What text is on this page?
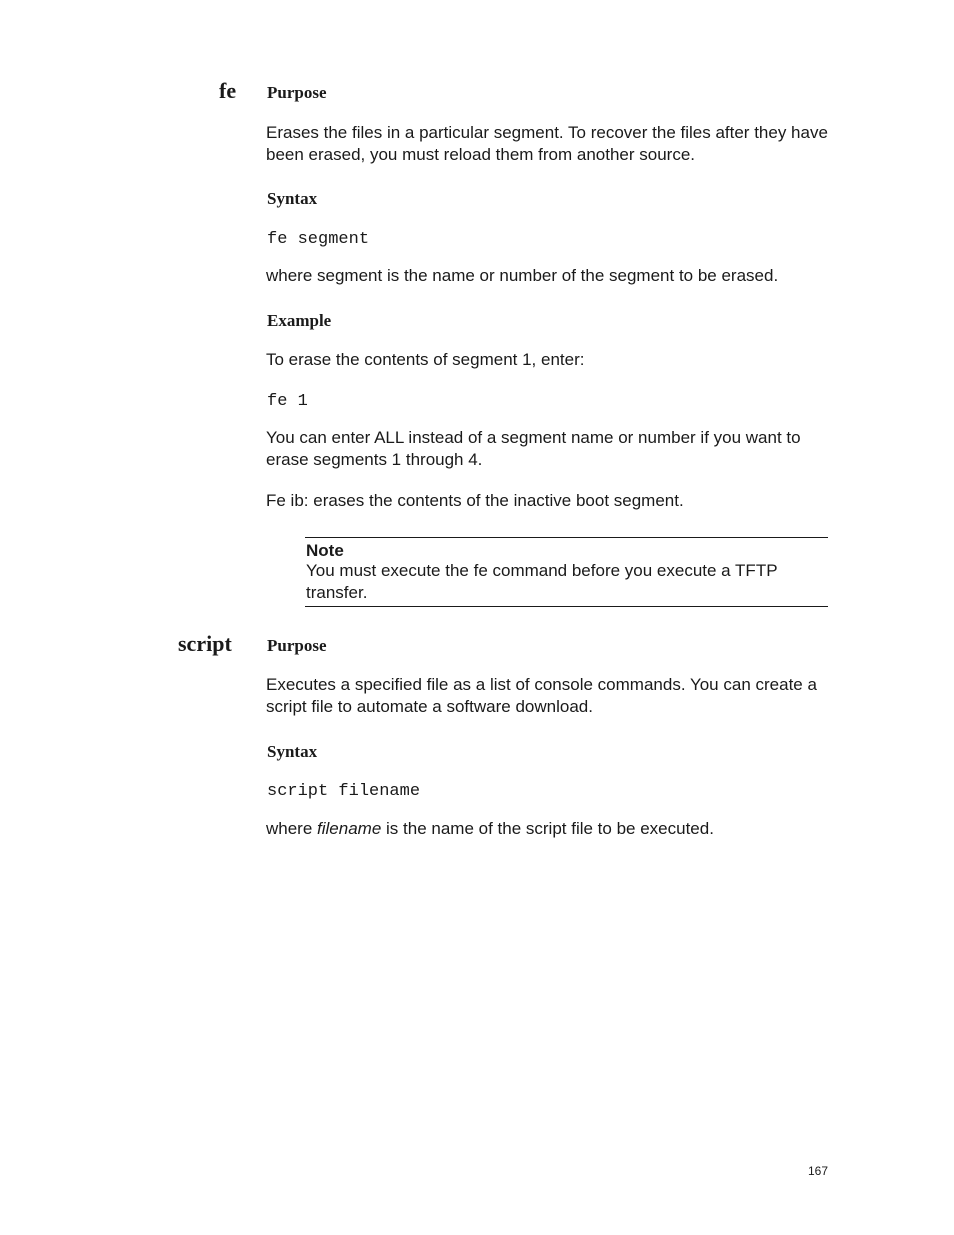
fe Purpose
Erases the files in a particular segment. To recover the files after they have been erased, you must reload them from another source.
Syntax
fe segment
where segment is the name or number of the segment to be erased.
Example
To erase the contents of segment 1, enter:
fe 1
You can enter ALL instead of a segment name or number if you want to erase segments 1 through 4.
Fe ib: erases the contents of the inactive boot segment.
Note
You must execute the fe command before you execute a TFTP transfer.
script Purpose
Executes a specified file as a list of console commands. You can create a script file to automate a software download.
Syntax
script filename
where filename is the name of the script file to be executed.
167
